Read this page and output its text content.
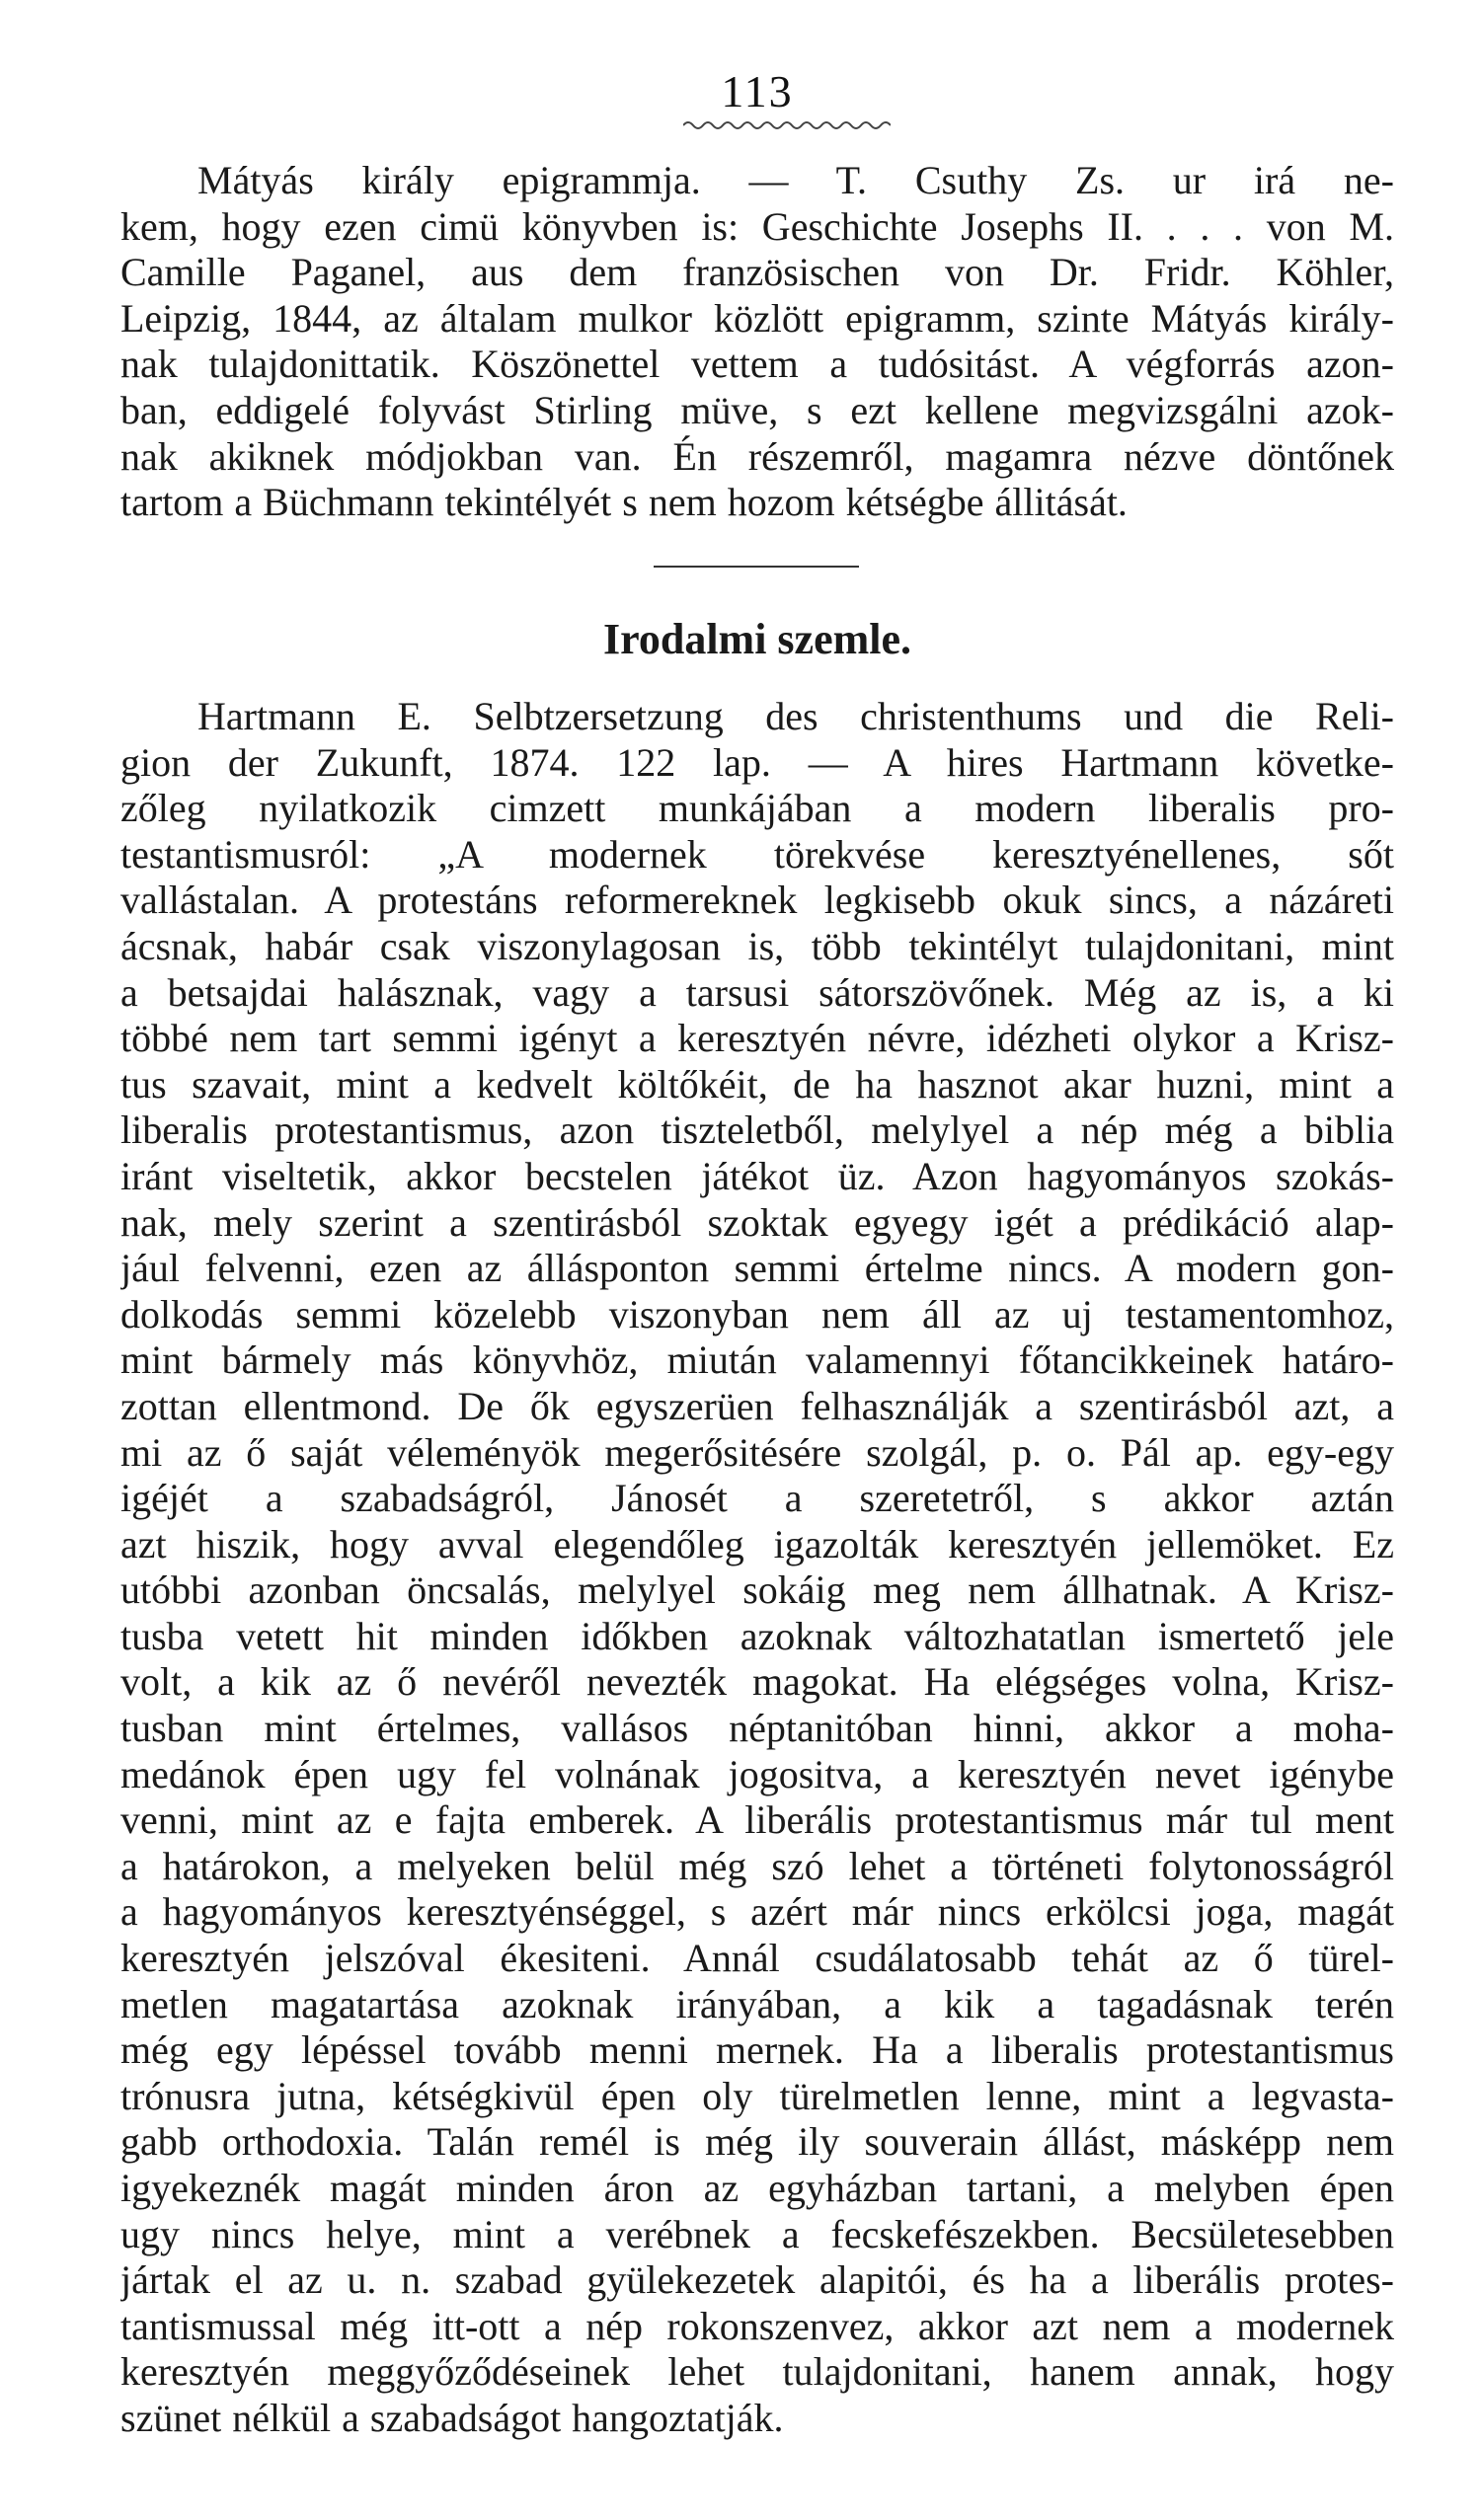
113
Mátyás király epigrammja. — T. Csuthy Zs. ur irá ne-
kem, hogy ezen cimü könyvben is: Geschichte Josephs II. . . . von M.
Camille Paganel, aus dem französischen von Dr. Fridr. Köhler,
Leipzig, 1844, az általam mulkor közlött epigramm, szinte Mátyás király-
nak tulajdonittatik. Köszönettel vettem a tudósitást. A végforrás azon-
ban, eddigelé folyvást Stirling müve, s ezt kellene megvizsgálni azok-
nak akiknek módjokban van. Én részemről, magamra nézve döntőnek
tartom a Büchmann tekintélyét s nem hozom kétségbe állitását.
Irodalmi szemle.
Hartmann E. Selbtzersetzung des christenthums und die Reli-
gion der Zukunft, 1874. 122 lap. — A hires Hartmann követke-
zőleg nyilatkozik cimzett munkájában a modern liberalis pro-
testantismusról: „A modernek törekvése keresztyénellenes, sőt
vallástalan. A protestáns reformereknek legkisebb okuk sincs, a názáreti
ácsnak, habár csak viszonylagosan is, több tekintélyt tulajdonitani, mint
a betsajdai halásznak, vagy a tarsusi sátorszövőnek. Még az is, a ki
többé nem tart semmi igényt a keresztyén névre, idézheti olykor a Krisz-
tus szavait, mint a kedvelt költőkéit, de ha hasznot akar huzni, mint a
liberalis protestantismus, azon tiszteletből, melylyel a nép még a biblia
iránt viseltetik, akkor becstelen játékot üz. Azon hagyományos szokás-
nak, mely szerint a szentirásból szoktak egyegy igét a prédikáció alap-
jául felvenni, ezen az állásponton semmi értelme nincs. A modern gon-
dolkodás semmi közelebb viszonyban nem áll az uj testamentomhoz,
mint bármely más könyvhöz, miután valamennyi főtancikkeinek határo-
zottan ellentmond. De ők egyszerüen felhasználják a szentirásból azt, a
mi az ő saját véleményök megerősitésére szolgál, p. o. Pál ap. egy-egy
igéjét a szabadságról, Jánosét a szeretetről, s akkor aztán
azt hiszik, hogy avval elegendőleg igazolták keresztyén jellemöket. Ez
utóbbi azonban öncsalás, melylyel sokáig meg nem állhatnak. A Krisz-
tusba vetett hit minden időkben azoknak változhatatlan ismertető jele
volt, a kik az ő nevéről nevezték magokat. Ha elégséges volna, Krisz-
tusban mint értelmes, vallásos néptanitóban hinni, akkor a moha-
medánok épen ugy fel volnának jogositva, a keresztyén nevet igénybe
venni, mint az e fajta emberek. A liberális protestantismus már tul ment
a határokon, a melyeken belül még szó lehet a történeti folytonosságról
a hagyományos keresztyénséggel, s azért már nincs erkölcsi joga, magát
keresztyén jelszóval ékesiteni. Annál csudálatosabb tehát az ő türel-
metlen magatartása azoknak irányában, a kik a tagadásnak terén
még egy lépéssel tovább menni mernek. Ha a liberalis protestantismus
trónusra jutna, kétségkivül épen oly türelmetlen lenne, mint a legvasta-
gabb orthodoxia. Talán remél is még ily souverain állást, másképp nem
igyekeznék magát minden áron az egyházban tartani, a melyben épen
ugy nincs helye, mint a verébnek a fecskefészekben. Becsületesebben
jártak el az u. n. szabad gyülekezetek alapitói, és ha a liberális protes-
tantismussal még itt-ott a nép rokonszenvez, akkor azt nem a modernek
keresztyén meggyőződéseinek lehet tulajdonitani, hanem annak, hogy
szünet nélkül a szabadságot hangoztatják.
